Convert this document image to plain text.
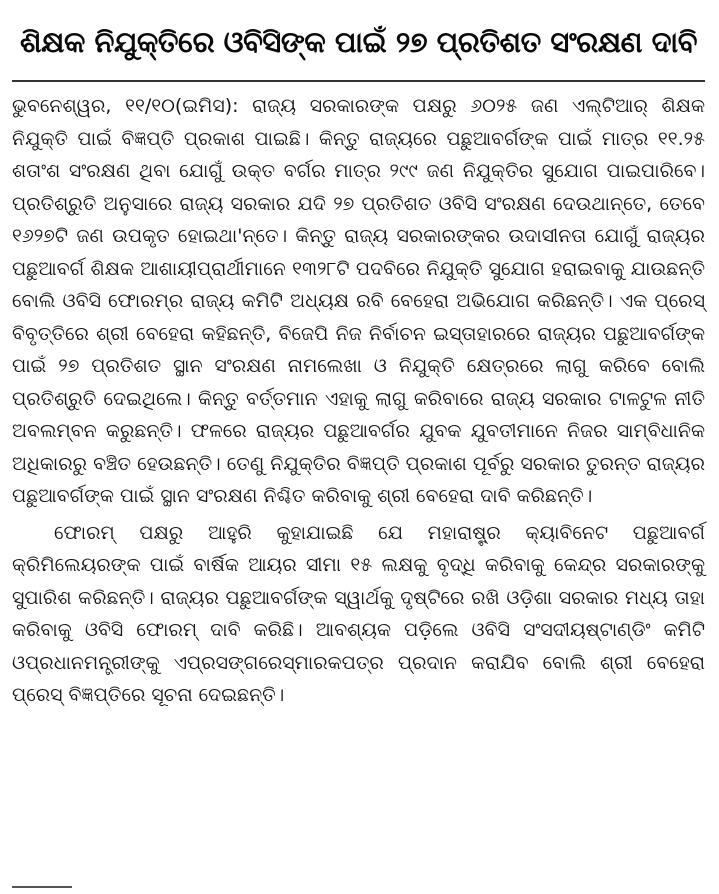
ଶିକ୍ଷକ ନିଯୁକ୍ତିରେ ଓବିସିଙ୍କ ପାଇଁ ୨୭ ପ୍ରତିଶତ ସଂରକ୍ଷଣ ଦାବି

ଭୁବନେଶ୍ୱର, ୧୧/୧୦(ଇମିସ): ରାଜ୍ୟ ସରକାରଙ୍କ ପକ୍ଷରୁ ୬୦୨୫ ଜଣ ଏଲ୍‌ଟିଆର୍ ଶିକ୍ଷକ ନିଯୁକ୍ତି ପାଇଁ ବିଜ୍ଞପ୍ତି ପ୍ରକାଶ ପାଇଛି। କିନ୍ତୁ ରାଜ୍ୟରେ ପଛୁଆବର୍ଗଙ୍କ ପାଇଁ ମାତ୍ର ୧୧.୨୫ ଶତାଂଶ ସଂରକ୍ଷଣ ଥିବା ଯୋଗୁଁ ଉକ୍ତ ବର୍ଗର ମାତ୍ର ୨୯୯ ଜଣ ନିଯୁକ୍ତିର ସୁଯୋଗ ପାଇପାରିବେ। ପ୍ରତିଶ୍ରୁତି ଅନୁସାରେ ରାଜ୍ୟ ସରକାର ଯଦି ୨୭ ପ୍ରତିଶତ ଓବିସି ସଂରକ୍ଷଣ ଦେଉଥାନ୍ତେ, ତେବେ ୧୬୨୭ଟି ଜଣ ଉପକୃତ ହୋଇଥା'ନ୍ତେ। କିନ୍ତୁ ରାଜ୍ୟ ସରକାରଙ୍କର ଉଦାସୀନତା ଯୋଗୁଁ ରାଜ୍ୟର ପଛୁଆବର୍ଗ ଶିକ୍ଷକ ଆଶାୟୀପ୍ରାର୍ଥୀମାନେ ୧୩୨୮ଟି ପଦବିରେ ନିଯୁକ୍ତି ସୁଯୋଗ ହରାଇବାକୁ ଯାଉଛନ୍ତି ବୋଲି ଓବିସି ଫୋରମ୍‌ର ରାଜ୍ୟ କମିଟି ଅଧ୍ୟକ୍ଷ ରବି ବେହେରା ଅଭିଯୋଗ କରିଛନ୍ତି। ଏକ ପ୍ରେସ୍ ବିବୃତ୍ତିରେ ଶ୍ରୀ ବେହେରା କହିଛନ୍ତି, ବିଜେପି ନିଜ ନିର୍ବାଚନ ଇସ୍ତାହାରରେ ରାଜ୍ୟର ପଛୁଆବର୍ଗଙ୍କ ପାଇଁ ୨୭ ପ୍ରତିଶତ ସ୍ଥାନ ସଂରକ୍ଷଣ ନାମଲେଖା ଓ ନିଯୁକ୍ତି କ୍ଷେତ୍ରରେ ଲାଗୁ କରିବେ ବୋଲି ପ୍ରତିଶ୍ରୁତି ଦେଇଥିଲେ। କିନ୍ତୁ ବର୍ତ୍ତମାନ ଏହାକୁ ଲାଗୁ କରିବାରେ ରାଜ୍ୟ ସରକାର ଟାଳଟୁଳ ନୀତି ଅବଲମ୍ବନ କରୁଛନ୍ତି। ଫଳରେ ରାଜ୍ୟର ପଛୁଆବର୍ଗର ଯୁବକ ଯୁବତୀମାନେ ନିଜର ସାମ୍ବିଧାନିକ ଅଧିକାରରୁ ବଞ୍ଚିତ ହେଉଛନ୍ତି। ତେଣୁ ନିଯୁକ୍ତିର ବିଜ୍ଞପ୍ତି ପ୍ରକାଶ ପୂର୍ବରୁ ସରକାର ତୁରନ୍ତ ରାଜ୍ୟର ପଛୁଆବର୍ଗଙ୍କ ପାଇଁ ସ୍ଥାନ ସଂରକ୍ଷଣ ନିଶ୍ଚିତ କରିବାକୁ ଶ୍ରୀ ବେହେରା ଦାବି କରିଛନ୍ତି।

ଫୋରମ୍ ପକ୍ଷରୁ ଆହୁରି କୁହାଯାଇଛି ଯେ ମହାରାଷ୍ଟ୍ର କ୍ୟାବିନେଟ ପଛୁଆବର୍ଗ କ୍ରିମିଲେୟରଙ୍କ ପାଇଁ ବାର୍ଷିକ ଆୟର ସୀମା ୧୫ ଲକ୍ଷକୁ ବୃଦ୍ଧି କରିବାକୁ କେନ୍ଦ୍ର ସରକାରଙ୍କୁ ସୁପାରିଶ କରିଛନ୍ତି। ରାଜ୍ୟର ପଛୁଆବର୍ଗଙ୍କ ସ୍ୱାର୍ଥକୁ ଦୃଷ୍ଟିରେ ରଖି ଓଡ଼ିଶା ସରକାର ମଧ୍ୟ ତାହା କରିବାକୁ ଓବିସି ଫୋରମ୍ ଦାବି କରିଛି। ଆବଶ୍ୟକ ପଡ଼ିଲେ ଓବିସି ସଂସଦୀୟଷ୍ଟାଣ୍ଡିଂ କମିଟି ଓପ୍ରଧାନମନ୍ତ୍ରୀଙ୍କୁ ଏପ୍ରସଙ୍ଗରେସ୍ମାରକପତ୍ର ପ୍ରଦାନ କରାଯିବ ବୋଲି ଶ୍ରୀ ବେହେରା ପ୍ରେସ୍ ବିଜ୍ଞପ୍ତିରେ ସୂଚନା ଦେଇଛନ୍ତି।
